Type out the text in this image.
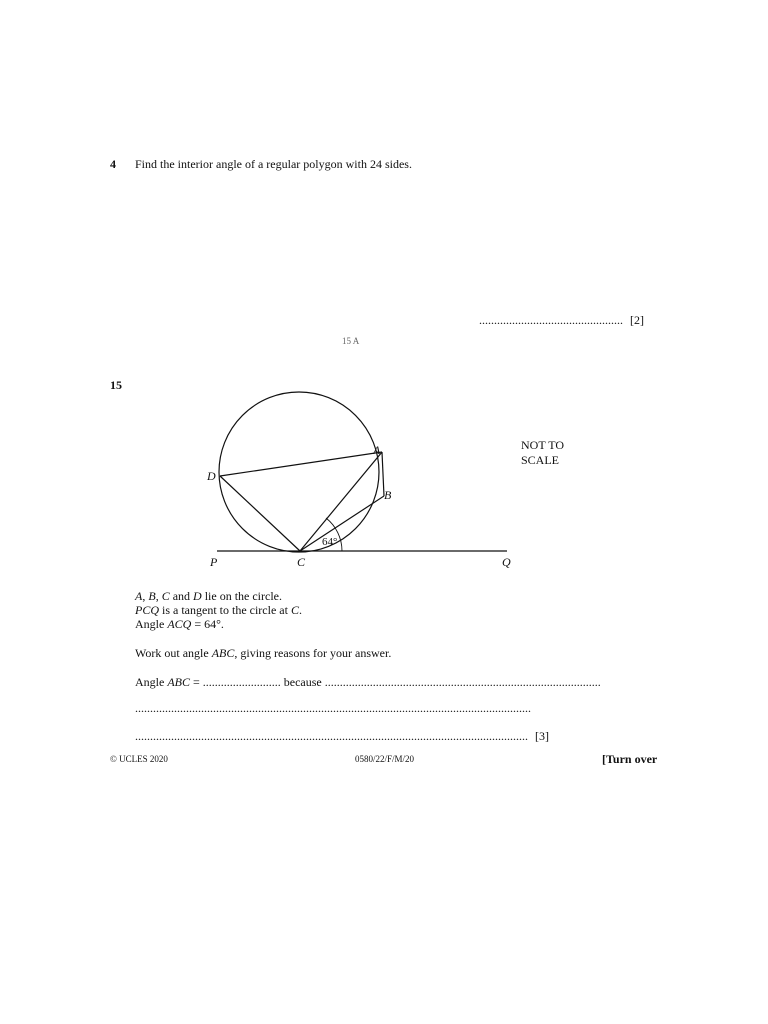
4 Find the interior angle of a regular polygon with 24 sides.
................................................ [2]
15 A
15
A
B
C
D
P	Q
64°
NOT TO
SCALE
A, B, C and D lie on the circle.
PCQ is a tangent to the circle at C.
Angle ACQ = 64°.
Work out angle ABC, giving reasons for your answer.
Angle ABC = .......................... because ............................................................................................
....................................................................................................................................
................................................................................................................................... [3]
© UCLES 2020	0580/22/F/M/20	[Turn over
